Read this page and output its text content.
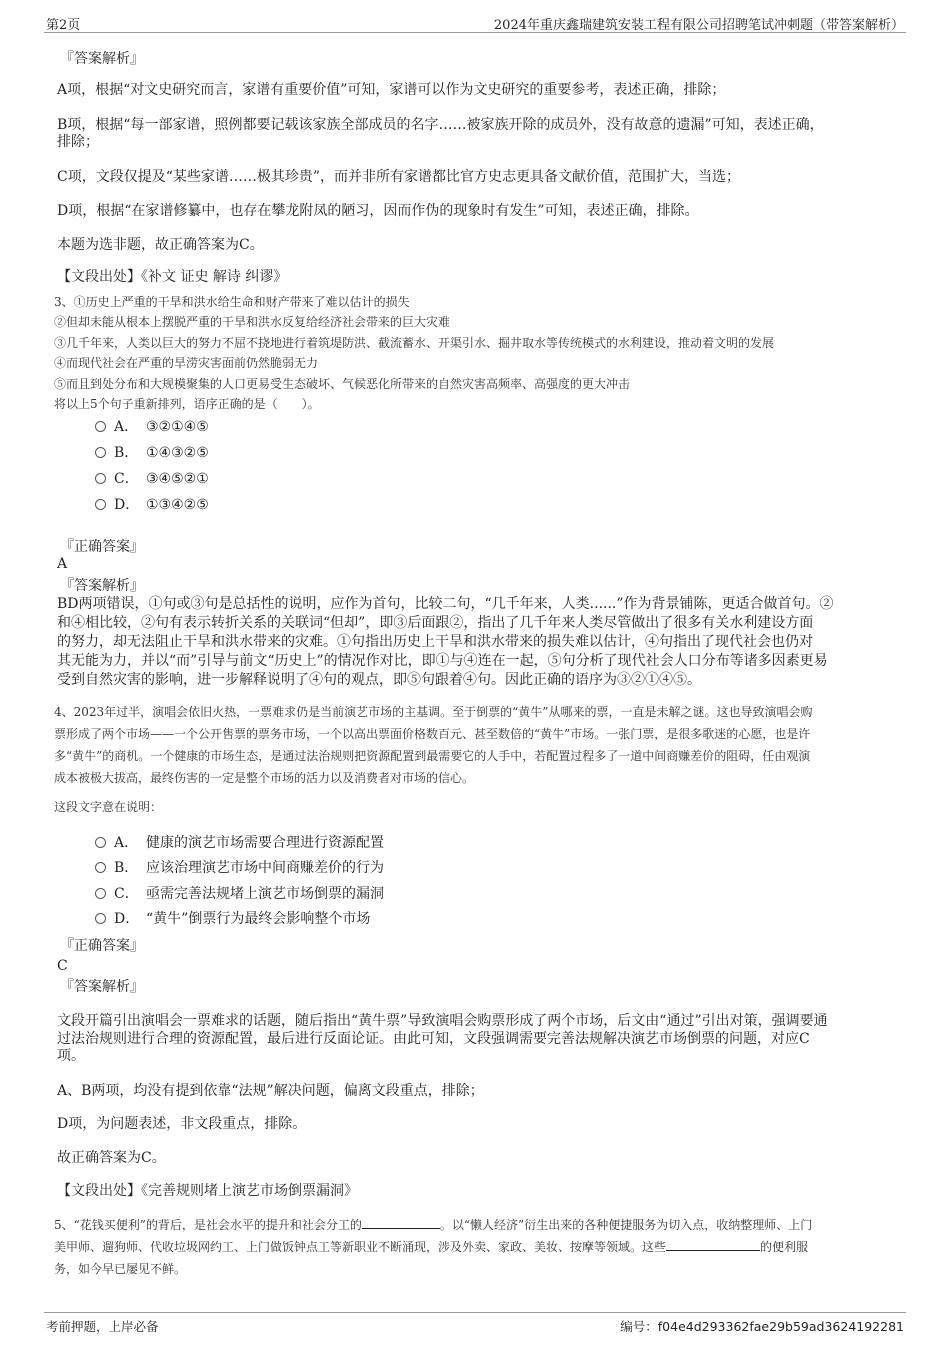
第2页	2024年重庆鑫瑞建筑安装工程有限公司招聘笔试冲刺题（带答案解析）
『答案解析』
A项，根据“对文史研究而言，家谱有重要价值”可知，家谱可以作为文史研究的重要参考，表述正确，排除；
B项，根据“每一部家谱，照例都要记载该家族全部成员的名字……被家族开除的成员外，没有故意的遗漏”可知，表述正确，
排除；
C项，文段仅提及“某些家谱……极其珍贵”，而并非所有家谱都比官方史志更具备文献价值，范围扩大，当选；
D项，根据“在家谱修纂中，也存在攀龙附凤的陋习，因而作伪的现象时有发生”可知，表述正确，排除。
本题为选非题，故正确答案为C。
【文段出处】《补文 证史 解诗 纠谬》
3、①历史上严重的干旱和洪水给生命和财产带来了难以估计的损失
②但却未能从根本上摆脱严重的干旱和洪水反复给经济社会带来的巨大灾难
③几千年来，人类以巨大的努力不屈不挠地进行着筑堤防洪、截流蓄水、开渠引水、掘井取水等传统模式的水利建设，推动着文明的发展
④而现代社会在严重的旱涝灾害面前仍然脆弱无力
⑤而且到处分布和大规模聚集的人口更易受生态破坏、气候恶化所带来的自然灾害高频率、高强度的更大冲击
将以上5个句子重新排列，语序正确的是（　　）。
A． ③②①④⑤
B． ①④③②⑤
C． ③④⑤②①
D． ①③④②⑤
『正确答案』
A
『答案解析』
BD两项错误，①句或③句是总括性的说明，应作为首句，比较二句，“几千年来，人类......”作为背景铺陈，更适合做首句。②
和④相比较，②句有表示转折关系的关联词“但却”，即③后面跟②，指出了几千年来人类尽管做出了很多有关水利建设方面
的努力，却无法阻止干旱和洪水带来的灾难。①句指出历史上干旱和洪水带来的损失难以估计，④句指出了现代社会也仍对
其无能为力，并以“而”引导与前文“历史上”的情况作对比，即①与④连在一起，⑤句分析了现代社会人口分布等诸多因素更易
受到自然灾害的影响，进一步解释说明了④句的观点，即⑤句跟着④句。因此正确的语序为③②①④⑤。
4、2023年过半，演唱会依旧火热，一票难求仍是当前演艺市场的主基调。至于倒票的“黄牛”从哪来的票，一直是未解之谜。这也导致演唱会购
票形成了两个市场——一个公开售票的票务市场，一个以高出票面价格数百元、甚至数倍的“黄牛”市场。一张门票，是很多歌迷的心愿，也是许
多“黄牛”的商机。一个健康的市场生态，是通过法治规则把资源配置到最需要它的人手中，若配置过程多了一道中间商赚差价的阻碍，任由观演
成本被极大拔高，最终伤害的一定是整个市场的活力以及消费者对市场的信心。
这段文字意在说明：
A． 健康的演艺市场需要合理进行资源配置
B． 应该治理演艺市场中间商赚差价的行为
C． 亟需完善法规堵上演艺市场倒票的漏洞
D． “黄牛”倒票行为最终会影响整个市场
『正确答案』
C
『答案解析』
文段开篇引出演唱会一票难求的话题，随后指出“黄牛票”导致演唱会购票形成了两个市场，后文由“通过”引出对策，强调要通
过法治规则进行合理的资源配置，最后进行反面论证。由此可知，文段强调需要完善法规解决演艺市场倒票的问题，对应C
项。
A、B两项，均没有提到依靠“法规”解决问题，偏离文段重点，排除；
D项，为问题表述，非文段重点，排除。
故正确答案为C。
【文段出处】《完善规则堵上演艺市场倒票漏洞》
5、“花钱买便利”的背后，是社会水平的提升和社会分工的	。以“懒人经济”衍生出来的各种便捷服务为切入点，收纳整理师、上门
美甲师、遛狗师、代收垃圾网约工、上门做饭钟点工等新职业不断涌现，涉及外卖、家政、美妆、按摩等领域。这些	的便利服
务，如今早已屡见不鲜。
考前押题，上岸必备	编号：f04e4d293362fae29b59ad3624192281
